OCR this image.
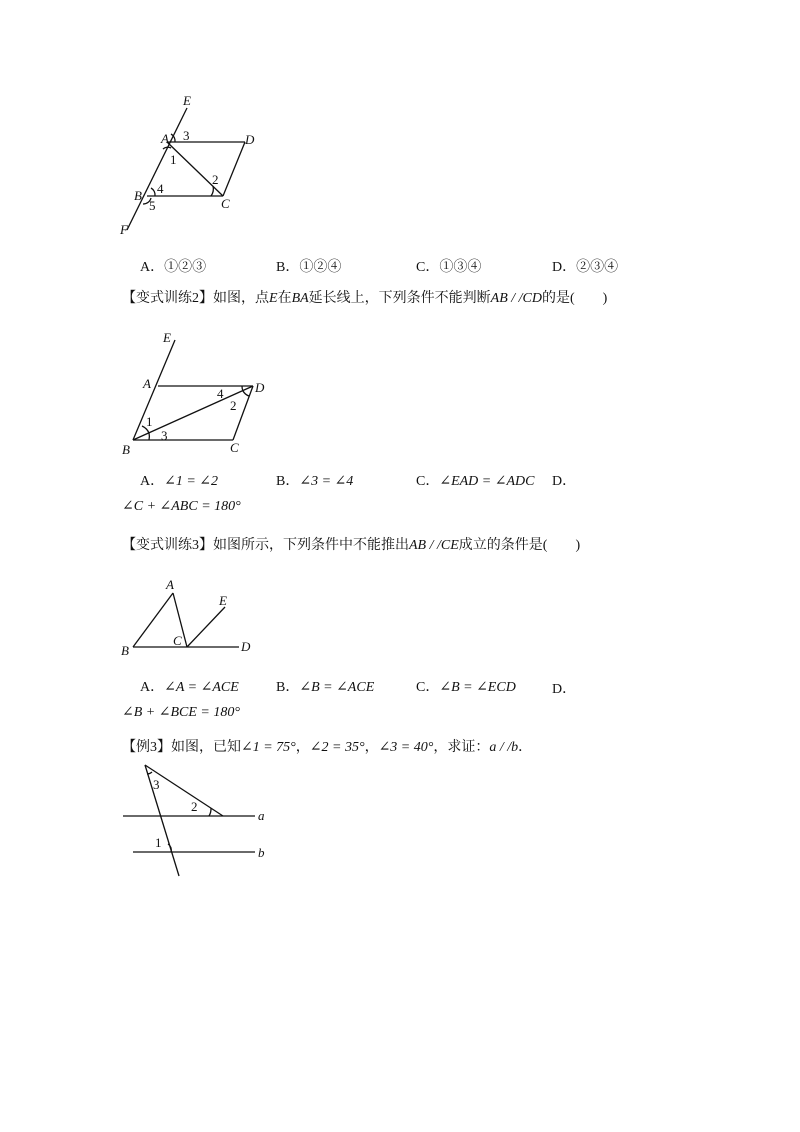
E
A	D
B
C
F
3
1
2
4
5
A．①②③	B．①②④	C．①③④	D．②③④
【变式训练2】如图，点E在BA延长线上，下列条件不能判断AB / /CD的是(　　)
E
A	D
B	C
1
3
4
2
A．∠1 = ∠2	B．∠3 = ∠4	C．∠EAD = ∠ADC D．
∠C + ∠ABC = 180°
【变式训练3】如图所示，下列条件中不能推出AB / /CE成立的条件是(　　)
A
E
B
C	D
A．∠A = ∠ACE	B．∠B = ∠ACE	C．∠B = ∠ECD	D．
∠B + ∠BCE = 180°
【例3】如图，已知∠1 = 75°，∠2 = 35°，∠3 = 40°，求证：a / /b．
3
2
1
a
b
